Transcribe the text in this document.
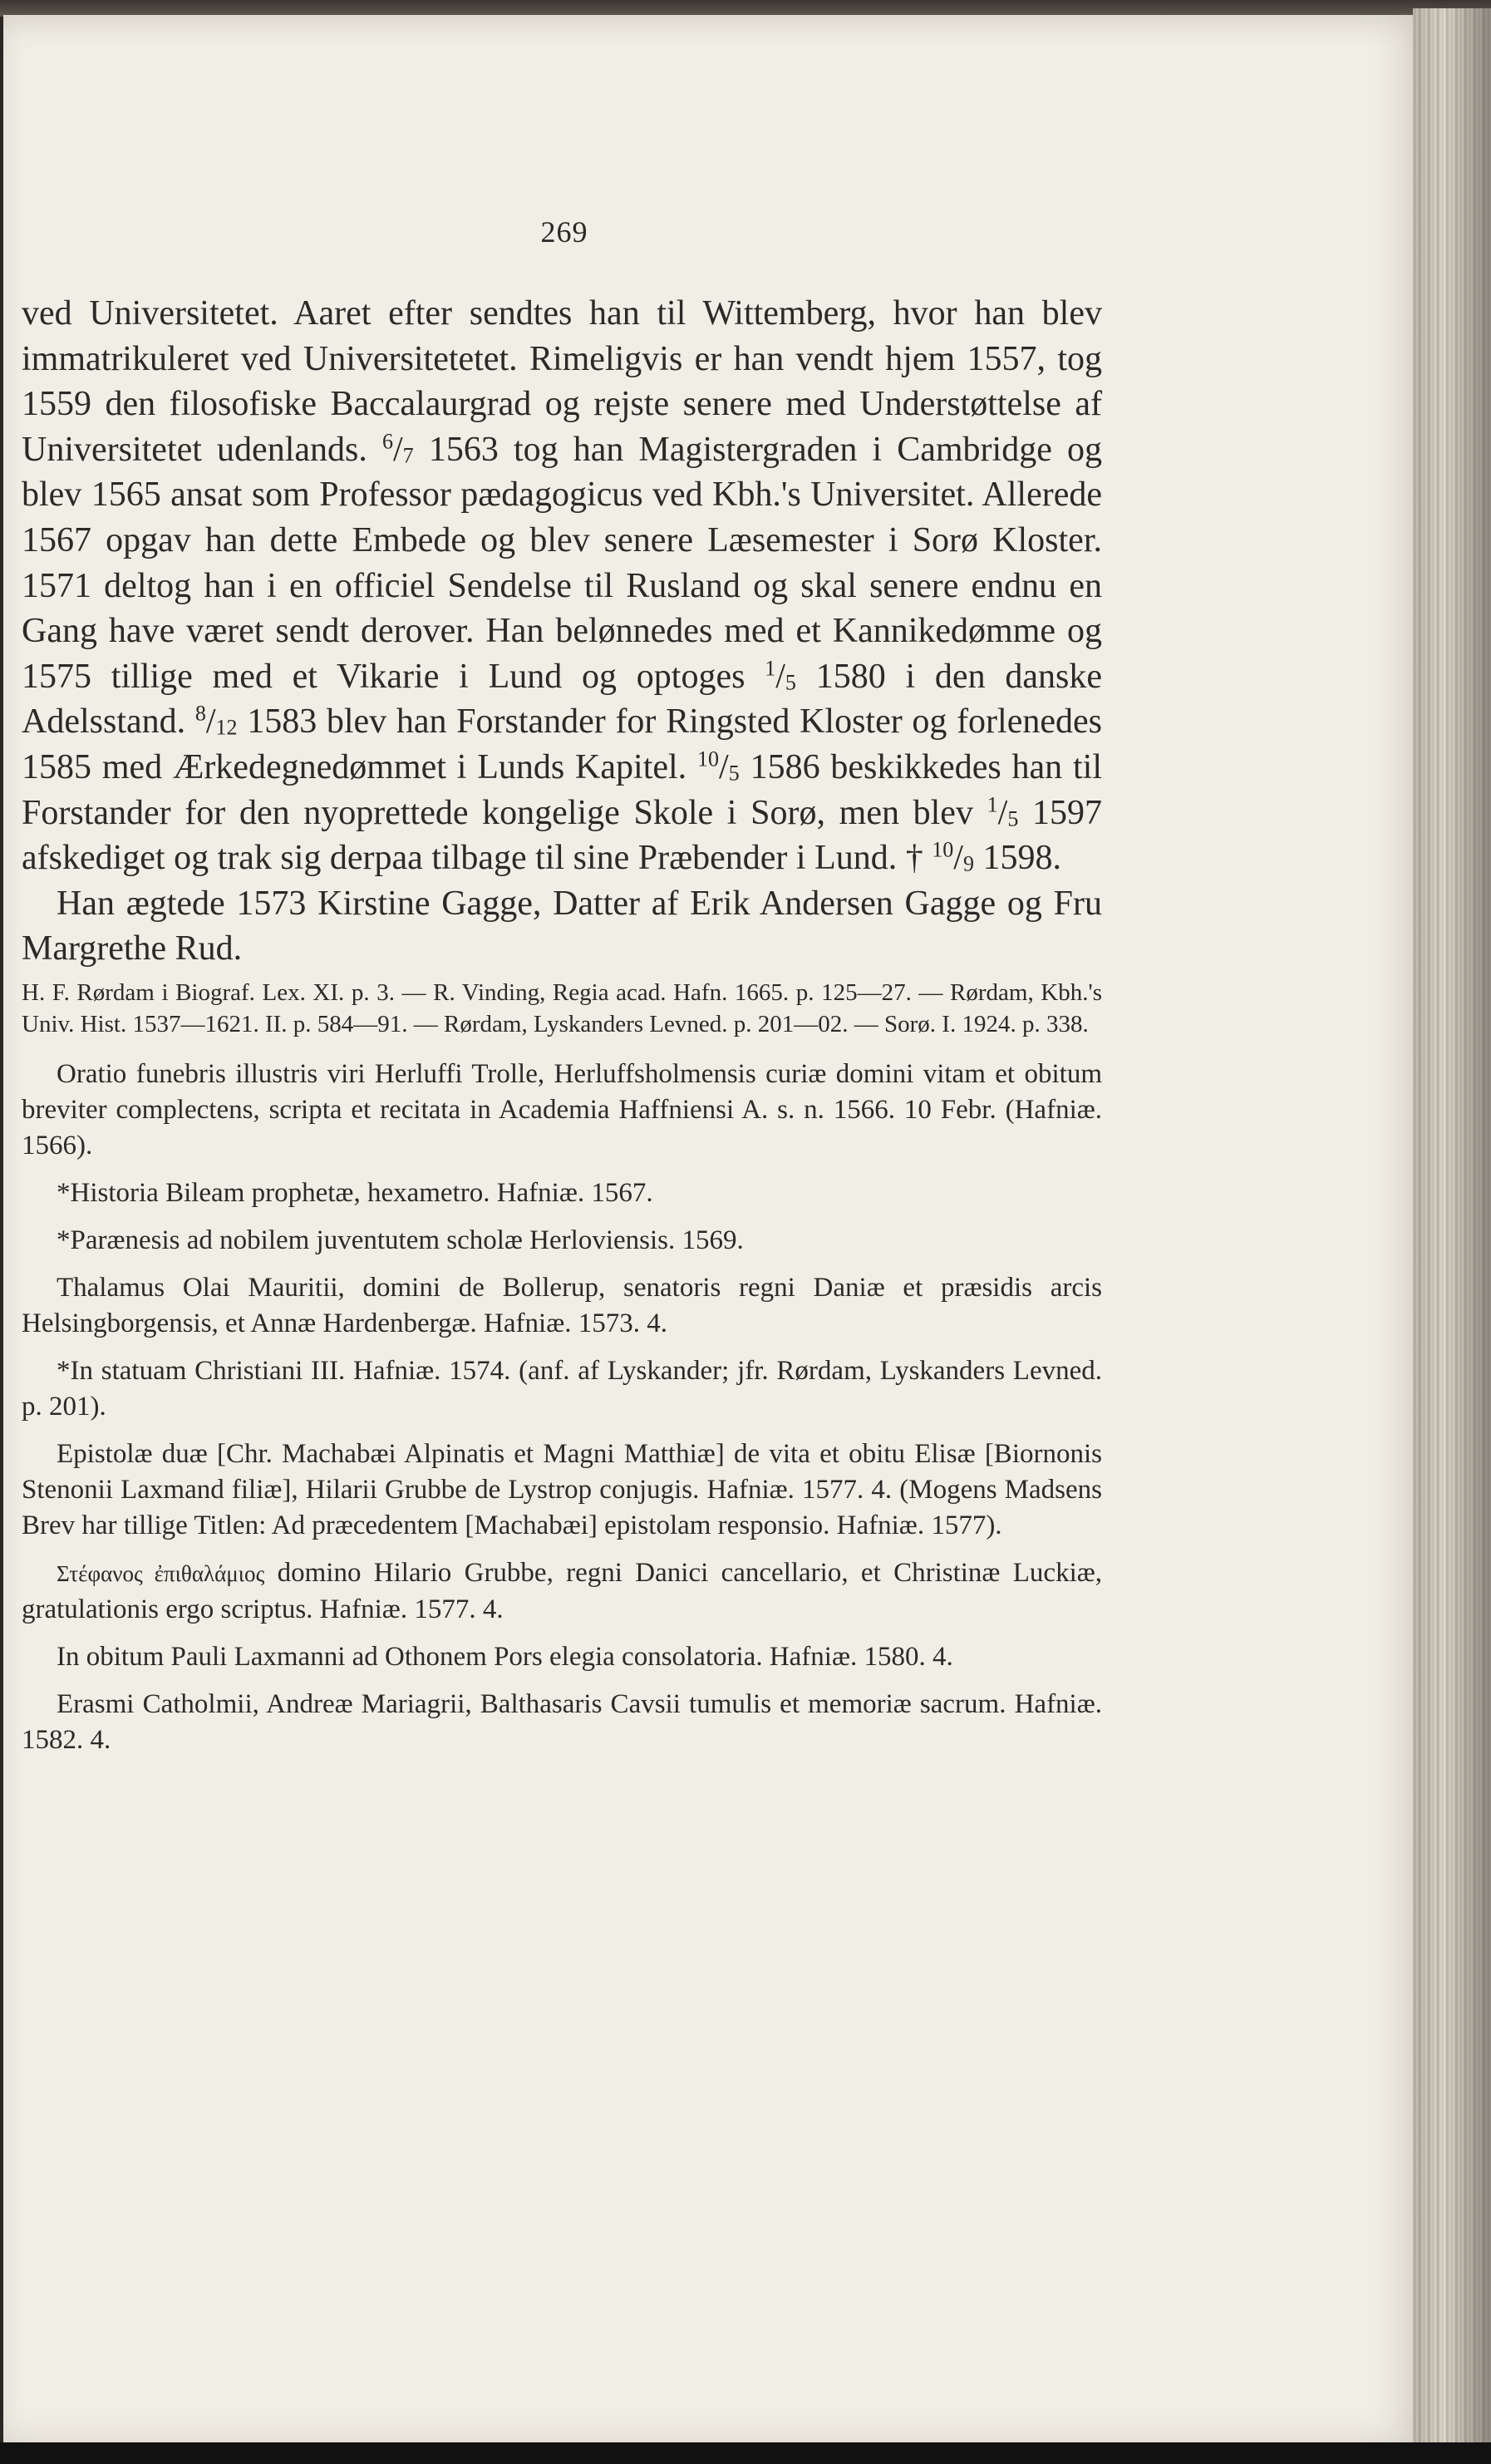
269

ved Universitetet. Aaret efter sendtes han til Wittemberg, hvor han blev immatrikuleret ved Universitetetet. Rimeligvis er han vendt hjem 1557, tog 1559 den filosofiske Baccalaurgrad og rejste senere med Understøttelse af Universitetet udenlands. $^6/_7$ 1563 tog han Magistergraden i Cambridge og blev 1565 ansat som Professor pædagogicus ved Kbh.'s Universitet. Allerede 1567 opgav han dette Embede og blev senere Læsemester i Sorø Kloster. 1571 deltog han i en officiel Sendelse til Rusland og skal senere endnu en Gang have været sendt derover. Han belønnedes med et Kannikedømme og 1575 tillige med et Vikarie i Lund og optoges $^1/_5$ 1580 i den danske Adelsstand. $^8/_{12}$ 1583 blev han Forstander for Ringsted Kloster og forlenedes 1585 med Ærkedegnedømmet i Lunds Kapitel. $^{10}/_5$ 1586 beskikkedes han til Forstander for den nyoprettede kongelige Skole i Sorø, men blev $^1/_5$ 1597 afskediget og trak sig derpaa tilbage til sine Præbender i Lund. † $^{10}/_9$ 1598.

Han ægtede 1573 Kirstine Gagge, Datter af Erik Andersen Gagge og Fru Margrethe Rud.

H. F. Rørdam i Biograf. Lex. XI. p. 3. — R. Vinding, Regia acad. Hafn. 1665. p. 125—27. — Rørdam, Kbh.'s Univ. Hist. 1537—1621. II. p. 584—91. — Rørdam, Lyskanders Levned. p. 201—02. — Sorø. I. 1924. p. 338.

Oratio funebris illustris viri Herluffi Trolle, Herluffsholmensis curiæ domini vitam et obitum breviter complectens, scripta et recitata in Academia Haffniensi A. s. n. 1566. 10 Febr. (Hafniæ. 1566).

*Historia Bileam prophetæ, hexametro. Hafniæ. 1567.

*Parænesis ad nobilem juventutem scholæ Herloviensis. 1569.

Thalamus Olai Mauritii, domini de Bollerup, senatoris regni Daniæ et præsidis arcis Helsingborgensis, et Annæ Hardenbergæ. Hafniæ. 1573. 4.

*In statuam Christiani III. Hafniæ. 1574. (anf. af Lyskander; jfr. Rørdam, Lyskanders Levned. p. 201).

Epistolæ duæ [Chr. Machabæi Alpinatis et Magni Matthiæ] de vita et obitu Elisæ [Biornonis Stenonii Laxmand filiæ], Hilarii Grubbe de Lystrop conjugis. Hafniæ. 1577. 4. (Mogens Madsens Brev har tillige Titlen: Ad præcedentem [Machabæi] epistolam responsio. Hafniæ. 1577).

Στέφανος ἐπιθαλάμιος domino Hilario Grubbe, regni Danici cancellario, et Christinæ Luckiæ, gratulationis ergo scriptus. Hafniæ. 1577. 4.

In obitum Pauli Laxmanni ad Othonem Pors elegia consolatoria. Hafniæ. 1580. 4.

Erasmi Catholmii, Andreæ Mariagrii, Balthasaris Cavsii tumulis et memoriæ sacrum. Hafniæ. 1582. 4.
